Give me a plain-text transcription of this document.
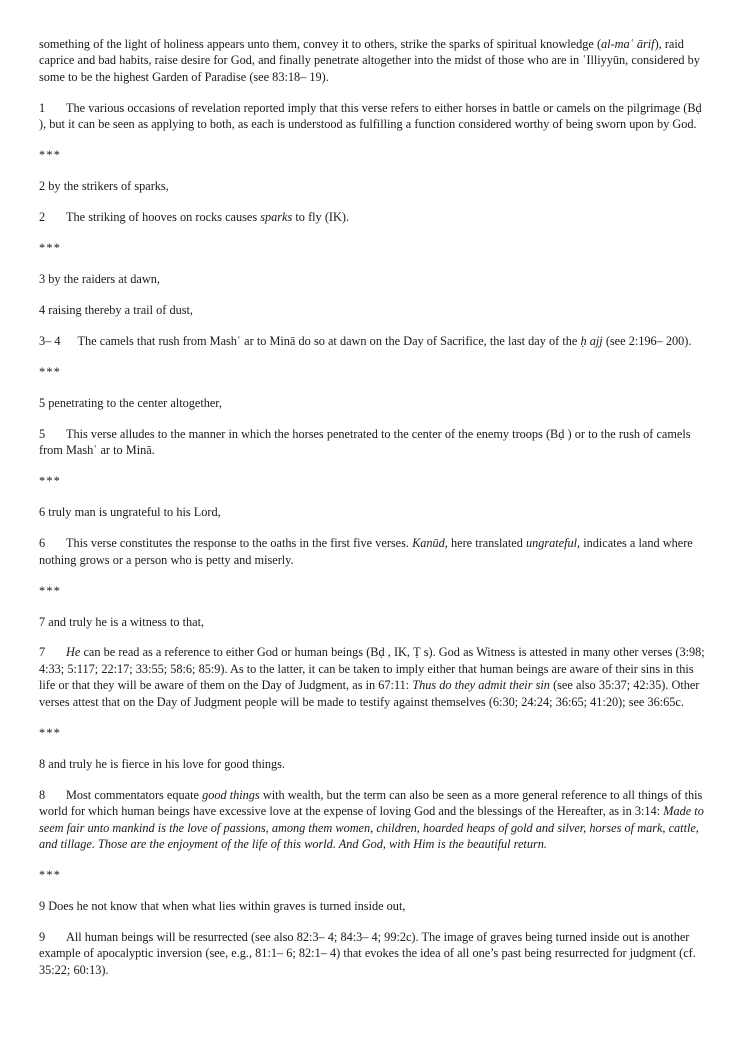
something of the light of holiness appears unto them, convey it to others, strike the sparks of spiritual knowledge (al-maʿ ārif), raid caprice and bad habits, raise desire for God, and finally penetrate altogether into the midst of those who are in ʿIlliyyūn, considered by some to be the highest Garden of Paradise (see 83:18– 19).

1 The various occasions of revelation reported imply that this verse refers to either horses in battle or camels on the pilgrimage (Bḍ ), but it can be seen as applying to both, as each is understood as fulfilling a function considered worthy of being sworn upon by God.

***

2 by the strikers of sparks,

2 The striking of hooves on rocks causes sparks to fly (IK).

***

3 by the raiders at dawn,

4 raising thereby a trail of dust,

3– 4 The camels that rush from Mashʿ ar to Minā do so at dawn on the Day of Sacrifice, the last day of the ḥ ajj (see 2:196– 200).

***

5 penetrating to the center altogether,

5 This verse alludes to the manner in which the horses penetrated to the center of the enemy troops (Bḍ ) or to the rush of camels from Mashʿ ar to Minā.

***

6 truly man is ungrateful to his Lord,

6 This verse constitutes the response to the oaths in the first five verses. Kanūd, here translated ungrateful, indicates a land where nothing grows or a person who is petty and miserly.

***

7 and truly he is a witness to that,

7 He can be read as a reference to either God or human beings (Bḍ , IK, Ṭ s). God as Witness is attested in many other verses (3:98; 4:33; 5:117; 22:17; 33:55; 58:6; 85:9). As to the latter, it can be taken to imply either that human beings are aware of their sins in this life or that they will be aware of them on the Day of Judgment, as in 67:11: Thus do they admit their sin (see also 35:37; 42:35). Other verses attest that on the Day of Judgment people will be made to testify against themselves (6:30; 24:24; 36:65; 41:20); see 36:65c.

***

8 and truly he is fierce in his love for good things.

8 Most commentators equate good things with wealth, but the term can also be seen as a more general reference to all things of this world for which human beings have excessive love at the expense of loving God and the blessings of the Hereafter, as in 3:14: Made to seem fair unto mankind is the love of passions, among them women, children, hoarded heaps of gold and silver, horses of mark, cattle, and tillage. Those are the enjoyment of the life of this world. And God, with Him is the beautiful return.

***

9 Does he not know that when what lies within graves is turned inside out,

9 All human beings will be resurrected (see also 82:3– 4; 84:3– 4; 99:2c). The image of graves being turned inside out is another example of apocalyptic inversion (see, e.g., 81:1– 6; 82:1– 4) that evokes the idea of all one’s past being resurrected for judgment (cf. 35:22; 60:13).
